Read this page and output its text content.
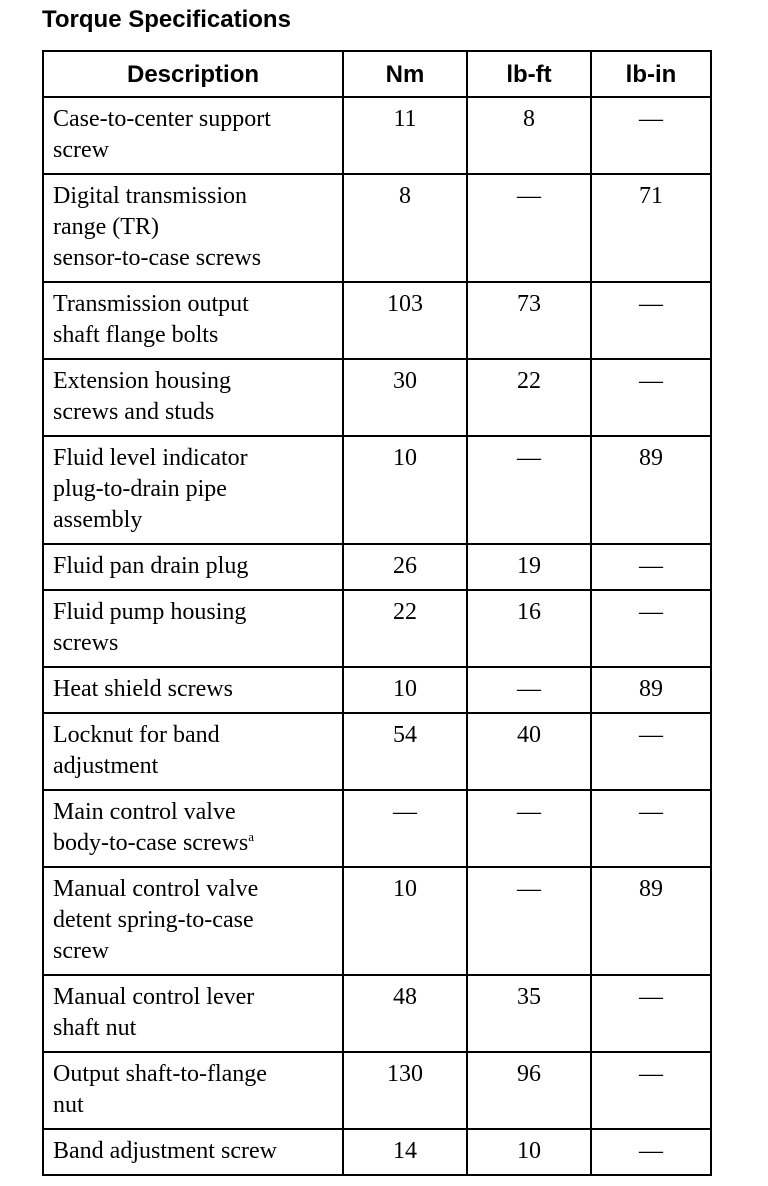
Torque Specifications
Description	Nm	lb-ft	lb-in

Case-to-center support
screw	11	8	—

Digital transmission
range (TR)
sensor-to-case screws	8	—	71

Transmission output
shaft flange bolts	103	73	—

Extension housing
screws and studs	30	22	—

Fluid level indicator
plug-to-drain pipe
assembly	10	—	89

Fluid pan drain plug	26	19	—

Fluid pump housing
screws	22	16	—

Heat shield screws	10	—	89

Locknut for band
adjustment	54	40	—

Main control valve
body-to-case screws$^a$	—	—	—

Manual control valve
detent spring-to-case
screw	10	—	89

Manual control lever
shaft nut	48	35	—

Output shaft-to-flange
nut	130	96	—

Band adjustment screw	14	10	—
